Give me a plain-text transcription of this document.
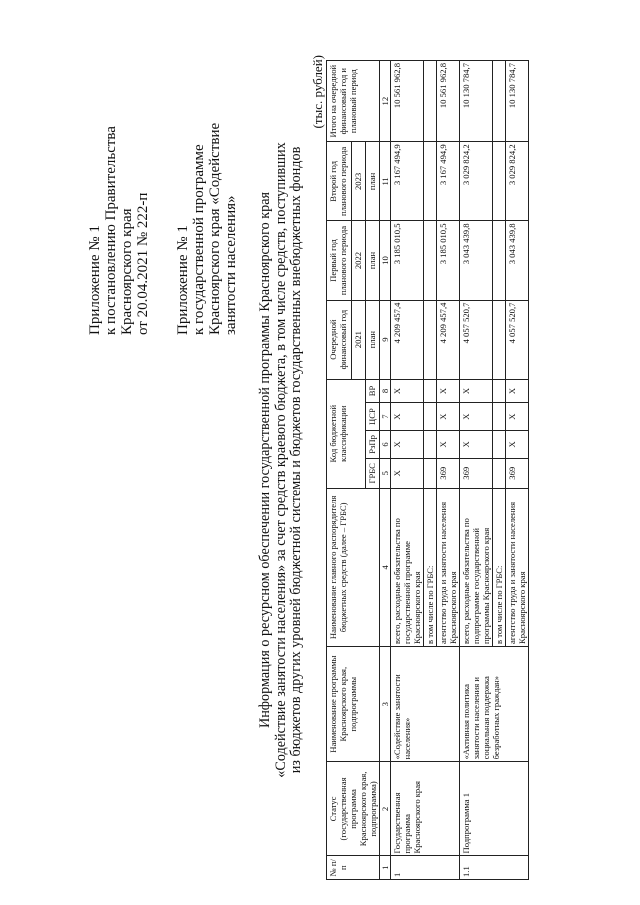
Приложение № 1 к постановлению Правительства Красноярского края от 20.04.2021 № 222-п Приложение № 1 к государственной программе Красноярского края «Содействие занятости населения» Информация о ресурсном обеспечении государственной программы Красноярского края «Содействие занятости населения» за счет средств краевого бюджета, в том числе средств, поступивших из бюджетов других уровней бюджетной системы и бюджетов государственных внебюджетных фондов
(тыс. рублей)
№ п/п	Статус (государственная программа Красноярского края, подпрограмма)	Наименование программы Красноярского края, подпрограммы	Наименование главного распорядителя бюджетных средств (далее – ГРБС)	Код бюджетной классификации				Очередной финансовый год	Первый год планового периода	Второй год планового периода	Итого на очередной финансовый год и плановый период
								2021	2022	2023	
				ГРБС	РзПр	ЦСР	ВР	план	план	план	
1	2	3	4	5	6	7	8	9	10	11	12
1	Государственная программа Красноярского края	«Содействие занятости населения»	всего, расходные обязательства по государственной программе Красноярского края	X	X	X	X	4 209 457,4	3 185 010,5	3 167 494,9	10 561 962,8
			в том числе по ГРБС:								
			агентство труда и занятости населения Красноярского края	369	X	X	X	4 209 457,4	3 185 010,5	3 167 494,9	10 561 962,8
1.1	Подпрограмма 1	«Активная политика занятости населения и социальная поддержка безработных граждан»	всего, расходные обязательства по подпрограмме государственной программы Красноярского края	369	X	X	X	4 057 520,7	3 043 439,8	3 029 824,2	10 130 784,7
			в том числе по ГРБС:								
			агентство труда и занятости населения Красноярского края	369	X	X	X	4 057 520,7	3 043 439,8	3 029 824,2	10 130 784,7
